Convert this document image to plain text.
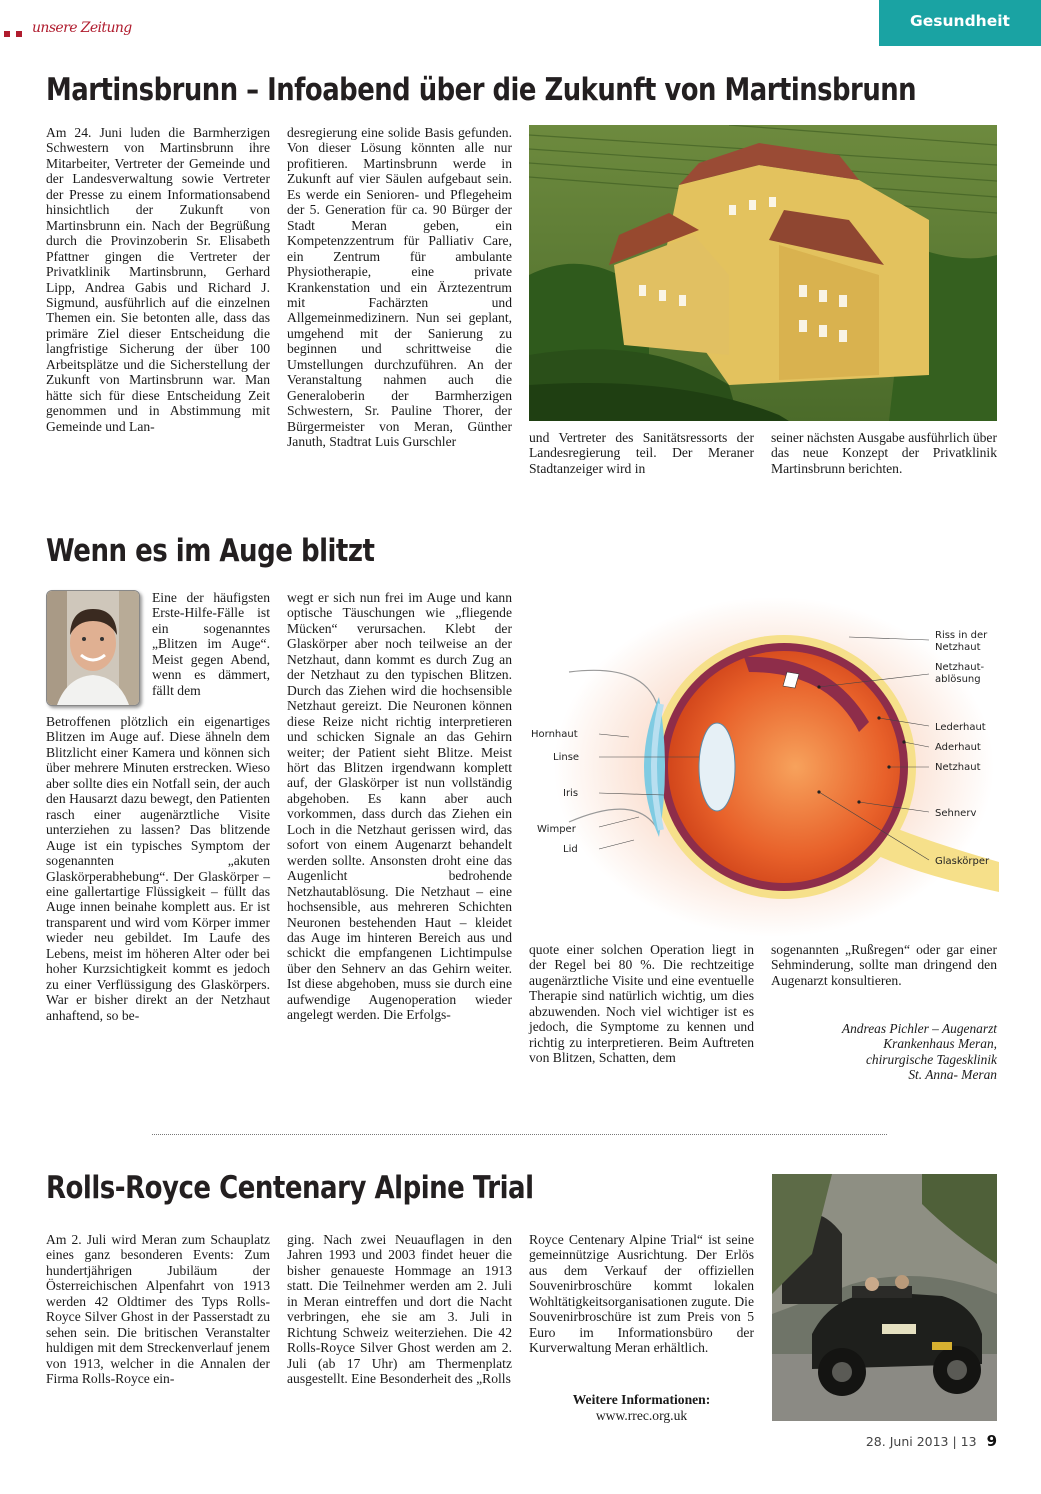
unsere Zeitung	Gesundheit
Martinsbrunn – Infoabend über die Zukunft von Martinsbrunn
Am 24. Juni luden die Barmherzigen Schwestern von Martinsbrunn ihre Mitarbeiter, Vertreter der Gemeinde und der Landesverwaltung sowie Vertreter der Presse zu einem Informationsabend hinsichtlich der Zukunft von Martinsbrunn ein. Nach der Begrüßung durch die Provinzoberin Sr. Elisabeth Pfattner gingen die Vertreter der Privatklinik Martinsbrunn, Gerhard Lipp, Andrea Gabis und Richard J. Sigmund, ausführlich auf die einzelnen Themen ein. Sie betonten alle, dass das primäre Ziel dieser Entscheidung die langfristige Sicherung der über 100 Arbeitsplätze und die Sicherstellung der Zukunft von Martinsbrunn war. Man hätte sich für diese Entscheidung Zeit genommen und in Abstimmung mit Gemeinde und Lan-
desregierung eine solide Basis gefunden. Von dieser Lösung könnten alle nur profitieren. Martinsbrunn werde in Zukunft auf vier Säulen aufgebaut sein. Es werde ein Senioren- und Pflegeheim der 5. Generation für ca. 90 Bürger der Stadt Meran geben, ein Kompetenzzentrum für Palliativ Care, ein Zentrum für ambulante Physiotherapie, eine private Krankenstation und ein Ärztezentrum mit Fachärzten und Allgemeinmedizinern. Nun sei geplant, umgehend mit der Sanierung zu beginnen und schrittweise die Umstellungen durchzuführen. An der Veranstaltung nahmen auch die Generaloberin der Barmherzigen Schwestern, Sr. Pauline Thorer, der Bürgermeister von Meran, Günther Januth, Stadtrat Luis Gurschler	und Vertreter des Sanitätsressorts der Landesregierung teil. Der Meraner Stadtanzeiger wird in
seiner nächsten Ausgabe ausführlich über das neue Konzept der Privatklinik Martinsbrunn berichten.
Wenn es im Auge blitzt
Eine der häufigsten Erste-Hilfe-Fälle ist ein sogenanntes „Blitzen im Auge“. Meist gegen Abend, wenn es dämmert, fällt dem
Betroffenen plötzlich ein eigenartiges Blitzen im Auge auf. Diese ähneln dem Blitzlicht einer Kamera und können sich über mehrere Minuten erstrecken. Wieso aber sollte dies ein Notfall sein, der auch den Hausarzt dazu bewegt, den Patienten rasch einer augenärztliche Visite unterziehen zu lassen? Das blitzende Auge ist ein typisches Symptom der sogenannten „akuten Glaskörperabhebung“. Der Glaskörper – eine gallertartige Flüssigkeit – füllt das Auge innen beinahe komplett aus. Er ist transparent und wird vom Körper immer wieder neu gebildet. Im Laufe des Lebens, meist im höheren Alter oder bei hoher Kurzsichtigkeit kommt es jedoch zu einer Verflüssigung des Glaskörpers. War er bisher direkt an der Netzhaut anhaftend, so be-
wegt er sich nun frei im Auge und kann optische Täuschungen wie „fliegende Mücken“ verursachen. Klebt der Glaskörper aber noch teilweise an der Netzhaut, dann kommt es durch Zug an der Netzhaut zu den typischen Blitzen. Durch das Ziehen wird die hochsensible Netzhaut gereizt. Die Neuronen können diese Reize nicht richtig interpretieren und schicken Signale an das Gehirn weiter; der Patient sieht Blitze. Meist hört das Blitzen irgendwann komplett auf, der Glaskörper ist nun vollständig abgehoben. Es kann aber auch vorkommen, dass durch das Ziehen ein Loch in die Netzhaut gerissen wird, das sofort von einem Augenarzt behandelt werden sollte. Ansonsten droht eine das Augenlicht bedrohende Netzhautablösung. Die Netzhaut – eine hochsensible, aus mehreren Schichten Neuronen bestehenden Haut – kleidet das Auge im hinteren Bereich aus und schickt die empfangenen Lichtimpulse über den Sehnerv an das Gehirn weiter. Ist diese abgehoben, muss sie durch eine aufwendige Augenoperation wieder angelegt werden. Die Erfolgs-
Riss in der
Netzhaut
Netzhaut-
ablösung
Lederhaut
Aderhaut
Netzhaut
Sehnerv
Glaskörper
Hornhaut
Linse
Iris
Wimper
Lid
quote einer solchen Operation liegt in der Regel bei 80 %. Die rechtzeitige augenärztliche Visite und eine eventuelle Therapie sind natürlich wichtig, um dies abzuwenden. Noch viel wichtiger ist es jedoch, die Symptome zu kennen und richtig zu interpretieren. Beim Auftreten von Blitzen, Schatten, dem
sogenannten „Rußregen“ oder gar einer Sehminderung, sollte man dringend den Augenarzt konsultieren.
Andreas Pichler – Augenarzt
Krankenhaus Meran,
chirurgische Tagesklinik
St. Anna- Meran
Rolls-Royce Centenary Alpine Trial
Am 2. Juli wird Meran zum Schauplatz eines ganz besonderen Events: Zum hundertjährigen Jubiläum der Österreichischen Alpenfahrt von 1913 werden 42 Oldtimer des Typs Rolls-Royce Silver Ghost in der Passerstadt zu sehen sein. Die britischen Veranstalter huldigen mit dem Streckenverlauf jenem von 1913, welcher in die Annalen der Firma Rolls-Royce ein-
ging. Nach zwei Neuauflagen in den Jahren 1993 und 2003 findet heuer die bisher genaueste Hommage an 1913 statt. Die Teilnehmer werden am 2. Juli in Meran eintreffen und dort die Nacht verbringen, ehe sie am 3. Juli in Richtung Schweiz weiterziehen. Die 42 Rolls-Royce Silver Ghost werden am 2. Juli (ab 17 Uhr) am Thermenplatz ausgestellt. Eine Besonderheit des „Rolls
Royce Centenary Alpine Trial“ ist seine gemeinnützige Ausrichtung. Der Erlös aus dem Verkauf der offiziellen Souvenirbroschüre kommt lokalen Wohltätigkeitsorganisationen zugute. Die Souvenirbroschüre ist zum Preis von 5 Euro im Informationsbüro der Kurverwaltung Meran erhältlich.
Weitere Informationen:
www.rrec.org.uk
28. Juni 2013 | 13 9
